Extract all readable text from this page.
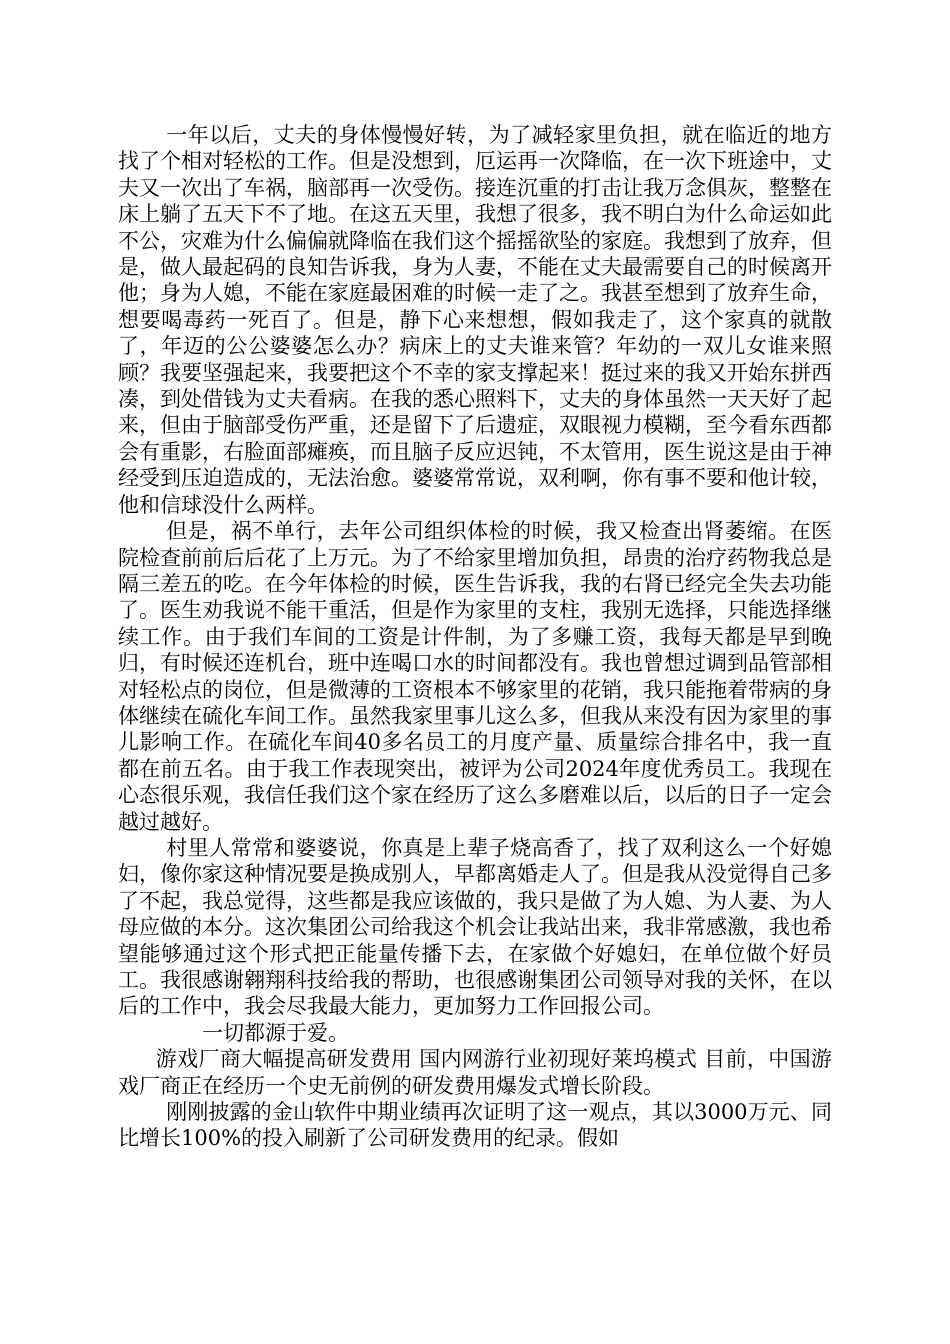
一年以后，丈夫的身体慢慢好转，为了减轻家里负担，就在临近的地方找了个相对轻松的工作。但是没想到，厄运再一次降临，在一次下班途中，丈夫又一次出了车祸，脑部再一次受伤。接连沉重的打击让我万念俱灰，整整在床上躺了五天下不了地。在这五天里，我想了很多，我不明白为什么命运如此不公，灾难为什么偏偏就降临在我们这个摇摇欲坠的家庭。我想到了放弃，但是，做人最起码的良知告诉我，身为人妻，不能在丈夫最需要自己的时候离开他；身为人媳，不能在家庭最困难的时候一走了之。我甚至想到了放弃生命，想要喝毒药一死百了。但是，静下心来想想，假如我走了，这个家真的就散了，年迈的公公婆婆怎么办？病床上的丈夫谁来管？年幼的一双儿女谁来照顾？我要坚强起来，我要把这个不幸的家支撑起来！挺过来的我又开始东拼西凑，到处借钱为丈夫看病。在我的悉心照料下，丈夫的身体虽然一天天好了起来，但由于脑部受伤严重，还是留下了后遗症，双眼视力模糊，至今看东西都会有重影，右脸面部瘫痪，而且脑子反应迟钝，不太管用，医生说这是由于神经受到压迫造成的，无法治愈。婆婆常常说，双利啊，你有事不要和他计较，他和信球没什么两样。

但是，祸不单行，去年公司组织体检的时候，我又检查出肾萎缩。在医院检查前前后后花了上万元。为了不给家里增加负担，昂贵的治疗药物我总是隔三差五的吃。在今年体检的时候，医生告诉我，我的右肾已经完全失去功能了。医生劝我说不能干重活，但是作为家里的支柱，我别无选择，只能选择继续工作。由于我们车间的工资是计件制，为了多赚工资，我每天都是早到晚归，有时候还连机台，班中连喝口水的时间都没有。我也曾想过调到品管部相对轻松点的岗位，但是微薄的工资根本不够家里的花销，我只能拖着带病的身体继续在硫化车间工作。虽然我家里事儿这么多，但我从来没有因为家里的事儿影响工作。在硫化车间40多名员工的月度产量、质量综合排名中，我一直都在前五名。由于我工作表现突出，被评为公司2024年度优秀员工。我现在心态很乐观，我信任我们这个家在经历了这么多磨难以后，以后的日子一定会越过越好。

村里人常常和婆婆说，你真是上辈子烧高香了，找了双利这么一个好媳妇，像你家这种情况要是换成别人，早都离婚走人了。但是我从没觉得自己多了不起，我总觉得，这些都是我应该做的，我只是做了为人媳、为人妻、为人母应做的本分。这次集团公司给我这个机会让我站出来，我非常感激，我也希望能够通过这个形式把正能量传播下去，在家做个好媳妇，在单位做个好员工。我很感谢翱翔科技给我的帮助，也很感谢集团公司领导对我的关怀，在以后的工作中，我会尽我最大能力，更加努力工作回报公司。

一切都源于爱。

游戏厂商大幅提高研发费用 国内网游行业初现好莱坞模式 目前，中国游戏厂商正在经历一个史无前例的研发费用爆发式增长阶段。

刚刚披露的金山软件中期业绩再次证明了这一观点，其以3000万元、同比增长100%的投入刷新了公司研发费用的纪录。假如
